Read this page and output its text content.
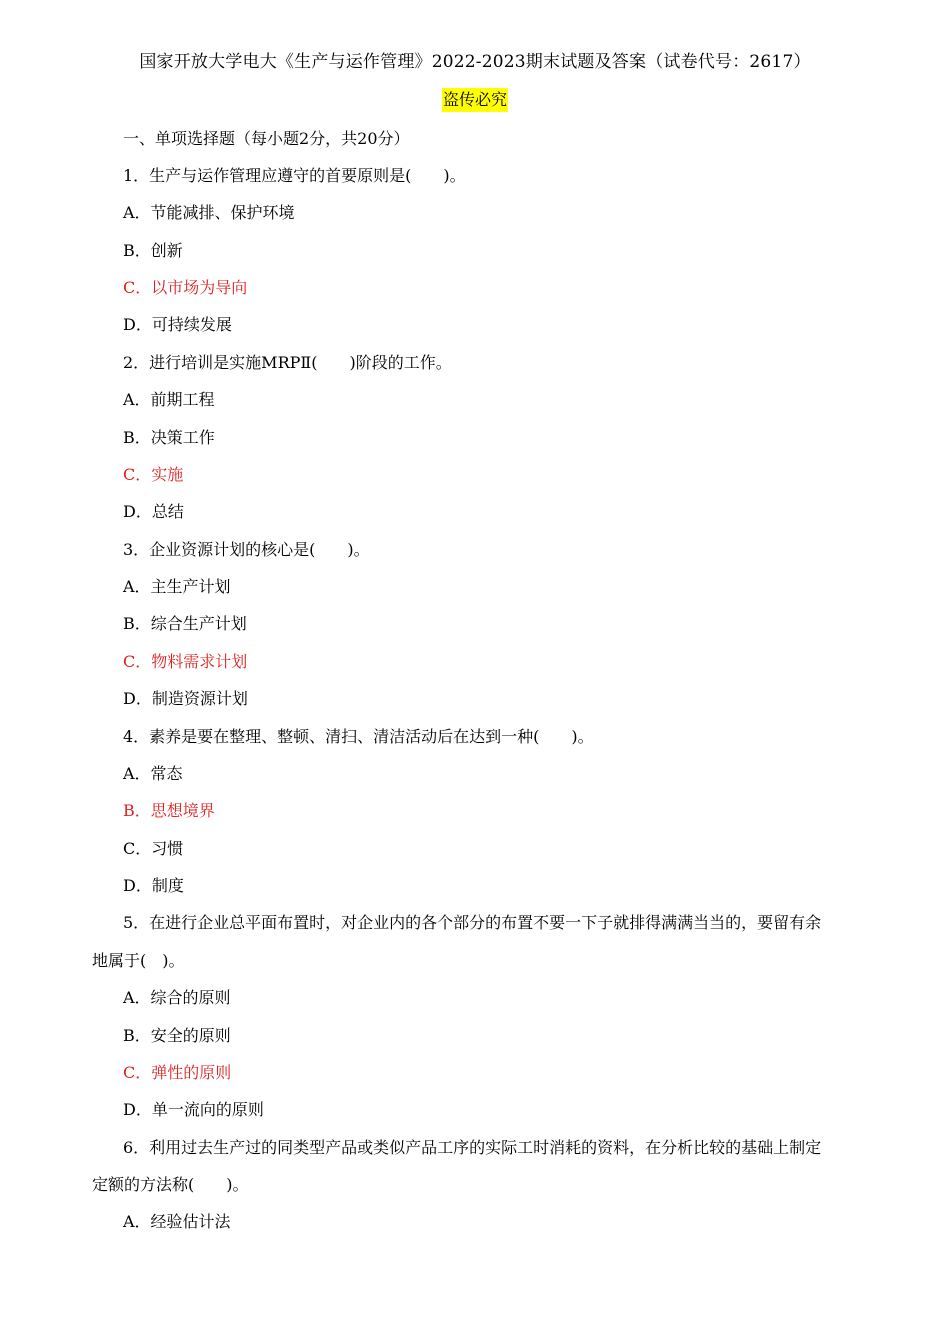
国家开放大学电大《生产与运作管理》2022-2023期末试题及答案（试卷代号：2617）
盗传必究
一、单项选择题（每小题2分，共20分）
1．生产与运作管理应遵守的首要原则是(　　)。
A．节能减排、保护环境
B．创新
C．以市场为导向
D．可持续发展
2．进行培训是实施MRPⅡ(　　)阶段的工作。
A．前期工程
B．决策工作
C．实施
D．总结
3．企业资源计划的核心是(　　)。
A．主生产计划
B．综合生产计划
C．物料需求计划
D．制造资源计划
4．素养是要在整理、整顿、清扫、清洁活动后在达到一种(　　)。
A．常态
B．思想境界
C．习惯
D．制度
5．在进行企业总平面布置时，对企业内的各个部分的布置不要一下子就排得满满当当的，要留有余
地属于(　)。
A．综合的原则
B．安全的原则
C．弹性的原则
D．单一流向的原则
6．利用过去生产过的同类型产品或类似产品工序的实际工时消耗的资料，在分析比较的基础上制定
定额的方法称(　　)。
A．经验估计法
